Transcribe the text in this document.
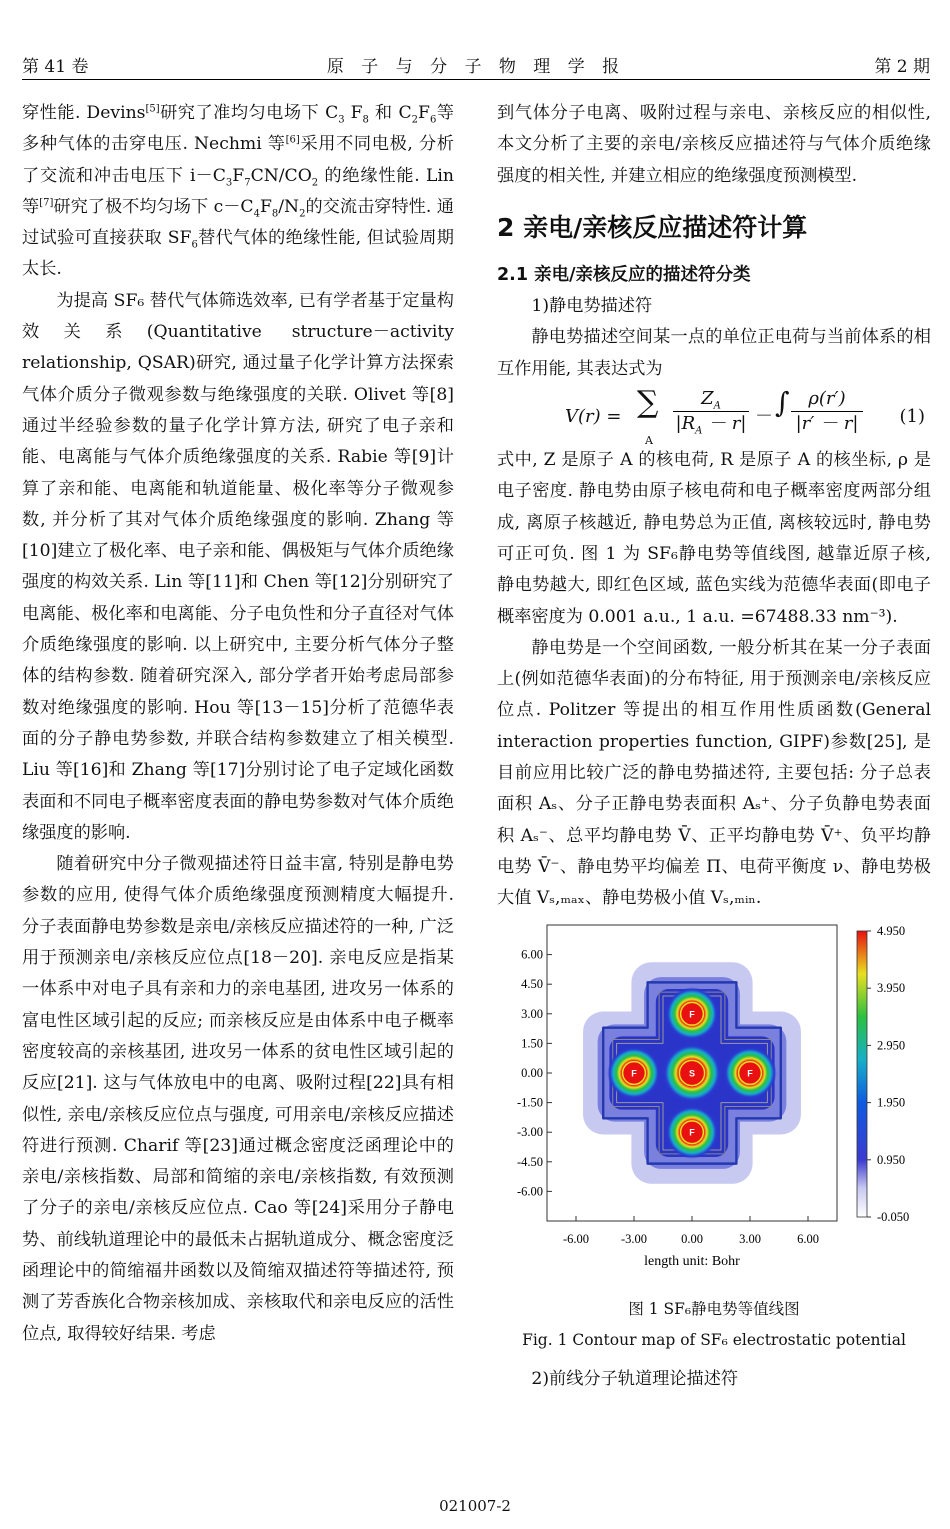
第 41 卷	原 子 与 分 子 物 理 学 报	第 2 期

穿性能. Devins[5]研究了准均匀电场下 $C_3$ $F_8$ 和 $C_2F_6$等多种气体的击穿电压. Nechmi 等[6]采用不同电极, 分析了交流和冲击电压下 $i-C_3F_7CN/CO_2$ 的绝缘性能. Lin 等[7]研究了极不均匀场下 $c-C_4F_8/N_2$的交流击穿特性. 通过试验可直接获取 $SF_6$替代气体的绝缘性能, 但试验周期太长.

为提高 SF₆ 替代气体筛选效率, 已有学者基于定量构效关系(Quantitative structure－activity relationship, QSAR)研究, 通过量子化学计算方法探索气体介质分子微观参数与绝缘强度的关联. Olivet 等[8]通过半经验参数的量子化学计算方法, 研究了电子亲和能、电离能与气体介质绝缘强度的关系. Rabie 等[9]计算了亲和能、电离能和轨道能量、极化率等分子微观参数, 并分析了其对气体介质绝缘强度的影响. Zhang 等[10]建立了极化率、电子亲和能、偶极矩与气体介质绝缘强度的构效关系. Lin 等[11]和 Chen 等[12]分别研究了电离能、极化率和电离能、分子电负性和分子直径对气体介质绝缘强度的影响. 以上研究中, 主要分析气体分子整体的结构参数. 随着研究深入, 部分学者开始考虑局部参数对绝缘强度的影响. Hou 等[13－15]分析了范德华表面的分子静电势参数, 并联合结构参数建立了相关模型. Liu 等[16]和 Zhang 等[17]分别讨论了电子定域化函数表面和不同电子概率密度表面的静电势参数对气体介质绝缘强度的影响.

随着研究中分子微观描述符日益丰富, 特别是静电势参数的应用, 使得气体介质绝缘强度预测精度大幅提升. 分子表面静电势参数是亲电/亲核反应描述符的一种, 广泛用于预测亲电/亲核反应位点[18－20]. 亲电反应是指某一体系中对电子具有亲和力的亲电基团, 进攻另一体系的富电性区域引起的反应; 而亲核反应是由体系中电子概率密度较高的亲核基团, 进攻另一体系的贫电性区域引起的反应[21]. 这与气体放电中的电离、吸附过程[22]具有相似性, 亲电/亲核反应位点与强度, 可用亲电/亲核反应描述符进行预测. Charif 等[23]通过概念密度泛函理论中的亲电/亲核指数、局部和简缩的亲电/亲核指数, 有效预测了分子的亲电/亲核反应位点. Cao 等[24]采用分子静电势、前线轨道理论中的最低未占据轨道成分、概念密度泛函理论中的简缩福井函数以及简缩双描述符等描述符, 预测了芳香族化合物亲核加成、亲核取代和亲电反应的活性位点, 取得较好结果. 考虑

到气体分子电离、吸附过程与亲电、亲核反应的相似性, 本文分析了主要的亲电/亲核反应描述符与气体介质绝缘强度的相关性, 并建立相应的绝缘强度预测模型.

2 亲电/亲核反应描述符计算

2.1 亲电/亲核反应的描述符分类

1)静电势描述符

静电势描述空间某一点的单位正电荷与当前体系的相互作用能, 其表达式为

V(r) = ∑
A
$\frac{Z_A}{|R_A - r|}$ － ∫ $\frac{\rho(r')}{|r' - r|} (1)$

式中, Z 是原子 A 的核电荷, R 是原子 A 的核坐标, ρ 是电子密度. 静电势由原子核电荷和电子概率密度两部分组成, 离原子核越近, 静电势总为正值, 离核较远时, 静电势可正可负. 图 1 为 SF₆静电势等值线图, 越靠近原子核, 静电势越大, 即红色区域, 蓝色实线为范德华表面(即电子概率密度为 0.001 a.u., 1 a.u. =67488.33 nm⁻³).

静电势是一个空间函数, 一般分析其在某一分子表面上(例如范德华表面)的分布特征, 用于预测亲电/亲核反应位点. Politzer 等提出的相互作用性质函数(General interaction properties function, GIPF)参数[25], 是目前应用比较广泛的静电势描述符, 主要包括: 分子总表面积 Aₛ、分子正静电势表面积 Aₛ⁺、分子负静电势表面积 Aₛ⁻、总平均静电势 V̄、正平均静电势 V̄⁺、负平均静电势 V̄⁻、静电势平均偏差 Π、电荷平衡度 ν、静电势极大值 Vₛ,ₘₐₓ、静电势极小值 Vₛ,ₘᵢₙ.

S
F
F
F	F
6.00
4.50
3.00
1.50
0.00
-1.50
-3.00
-4.50
-6.00
-6.00	-3.00	0.00	3.00	6.00
4.950
3.950
2.950
1.950
0.950
-0.050
length unit: Bohr
图 1 SF₆静电势等值线图
Fig. 1 Contour map of SF₆ electrostatic potential

2)前线分子轨道理论描述符

021007-2
